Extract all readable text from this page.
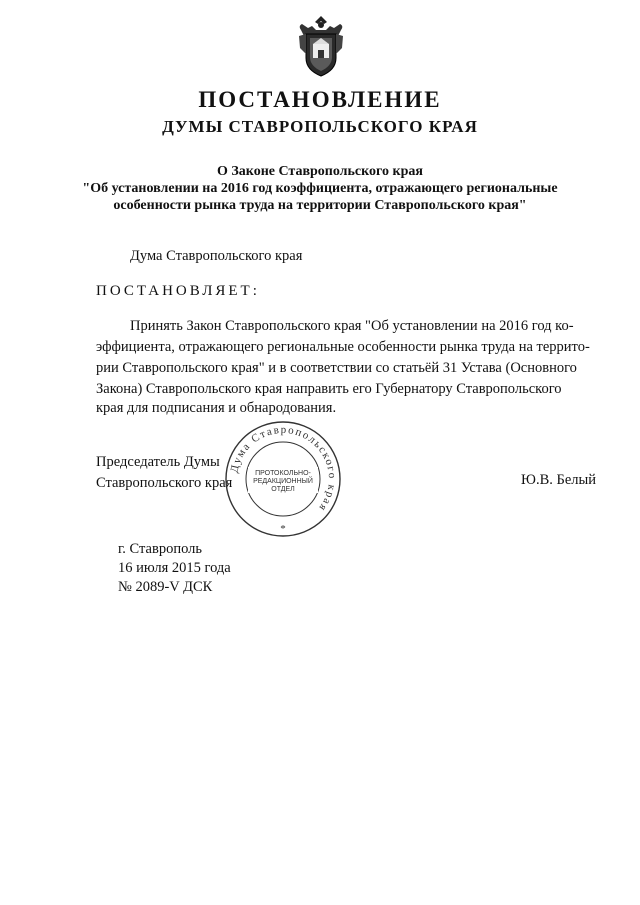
ПОСТАНОВЛЕНИЕ
ДУМЫ СТАВРОПОЛЬСКОГО КРАЯ
О Законе Ставропольского края
"Об установлении на 2016 год коэффициента, отражающего региональные
особенности рынка труда на территории Ставропольского края"
Дума Ставропольского края
ПОСТАНОВЛЯЕТ:
Принять Закон Ставропольского края "Об установлении на 2016 год ко-
эффициента, отражающего региональные особенности рынка труда на террито-
рии Ставропольского края" и в соответствии со статьёй 31 Устава (Основного
Закона) Ставропольского края направить его Губернатору Ставропольского
края для подписания и обнародования.
Председатель Думы
Ставропольского края	Ю.В. Белый
Дума Ставропольского края
ПРОТОКОЛЬНО-
РЕДАКЦИОННЫЙ
ОТДЕЛ
*
г. Ставрополь
16 июля 2015 года
№ 2089-V ДСК
